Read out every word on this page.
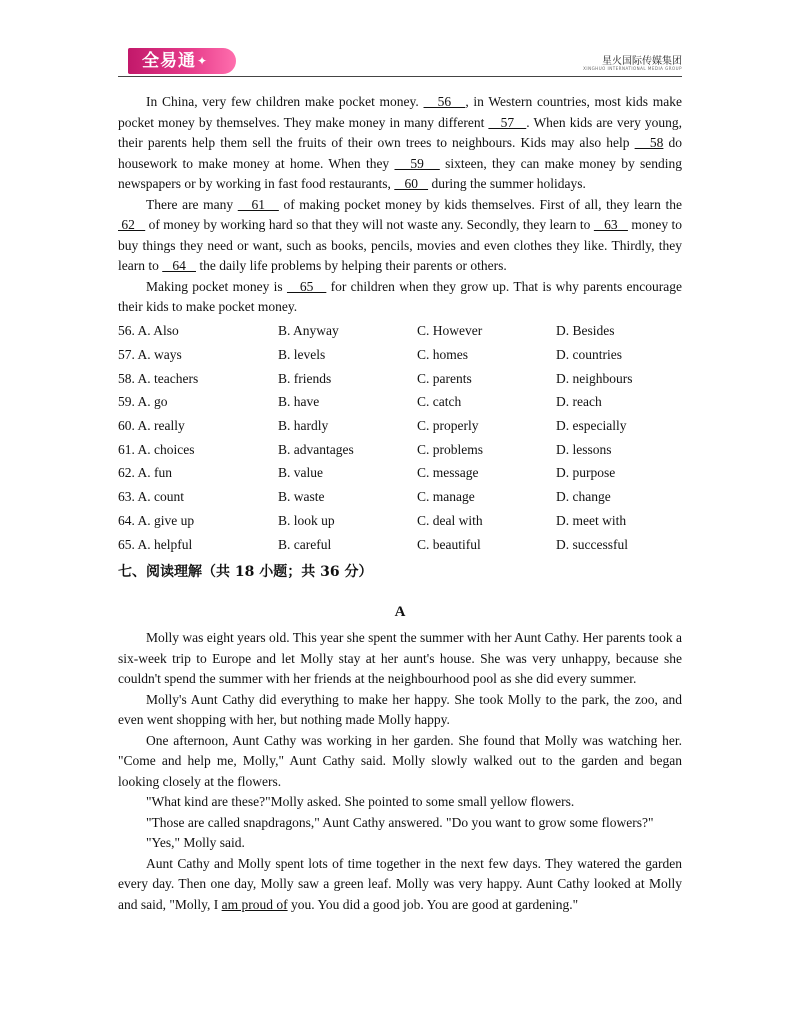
全易通✦	星火国际传媒集团
XINGHUO INTERNATIONAL MEDIA GROUP

In China, very few children make pocket money.    56   , in Western countries, most kids make pocket money by themselves. They make money in many different    57   . When kids are very young, their parents help them sell the fruits of their own trees to neighbours. Kids may also help    58 do housework to make money at home. When they    59    sixteen, they can make money by sending newspapers or by working in fast food restaurants,    60    during the summer holidays.

There are many    61    of making pocket money by kids themselves. First of all, they learn the  62    of money by working hard so that they will not waste any. Secondly, they learn to    63    money to buy things they need or want, such as books, pencils, movies and even clothes they like. Thirdly, they learn to    64    the daily life problems by helping their parents or others.

Making pocket money is    65    for children when they grow up. That is why parents encourage their kids to make pocket money.

56. A. Also	B. Anyway	C. However	D. Besides
57. A. ways	B. levels	C. homes	D. countries
58. A. teachers	B. friends	C. parents	D. neighbours
59. A. go	B. have	C. catch	D. reach
60. A. really	B. hardly	C. properly	D. especially
61. A. choices	B. advantages	C. problems	D. lessons
62. A. fun	B. value	C. message	D. purpose
63. A. count	B. waste	C. manage	D. change
64. A. give up	B. look up	C. deal with	D. meet with
65. A. helpful	B. careful	C. beautiful	D. successful
七、阅读理解（共 18 小题；共 36 分）
A

Molly was eight years old. This year she spent the summer with her Aunt Cathy. Her parents took a six-week trip to Europe and let Molly stay at her aunt's house. She was very unhappy, because she couldn't spend the summer with her friends at the neighbourhood pool as she did every summer.

Molly's Aunt Cathy did everything to make her happy. She took Molly to the park, the zoo, and even went shopping with her, but nothing made Molly happy.

One afternoon, Aunt Cathy was working in her garden. She found that Molly was watching her. "Come and help me, Molly," Aunt Cathy said. Molly slowly walked out to the garden and began looking closely at the flowers.

"What kind are these?"Molly asked. She pointed to some small yellow flowers.

"Those are called snapdragons," Aunt Cathy answered. "Do you want to grow some flowers?"

"Yes," Molly said.

Aunt Cathy and Molly spent lots of time together in the next few days. They watered the garden every day. Then one day, Molly saw a green leaf. Molly was very happy. Aunt Cathy looked at Molly and said, "Molly, I am proud of you. You did a good job. You are good at gardening."
